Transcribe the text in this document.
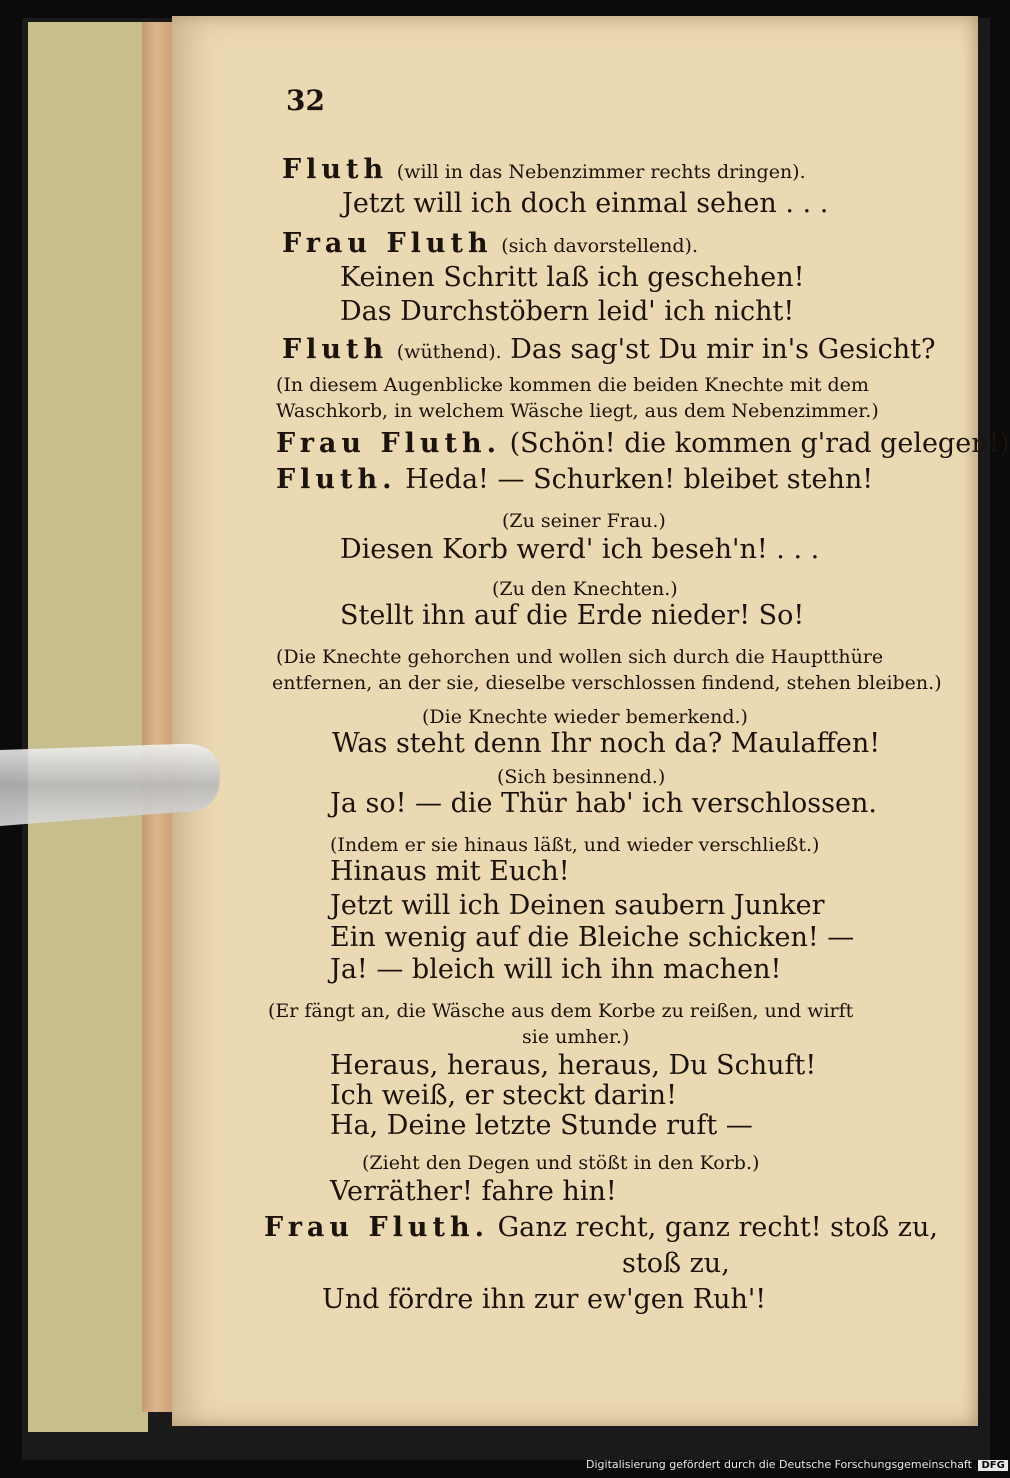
32
Fluth (will in das Nebenzimmer rechts dringen).
Jetzt will ich doch einmal sehen . . .
Frau Fluth (sich davorstellend).
Keinen Schritt laß ich geschehen!
Das Durchstöbern leid' ich nicht!
Fluth (wüthend). Das sag'st Du mir in's Gesicht?
(In diesem Augenblicke kommen die beiden Knechte mit dem
Waschkorb, in welchem Wäsche liegt, aus dem Nebenzimmer.)
Frau Fluth. (Schön! die kommen g'rad gelegen!)
Fluth. Heda! — Schurken! bleibet stehn!
(Zu seiner Frau.)
Diesen Korb werd' ich beseh'n! . . .
(Zu den Knechten.)
Stellt ihn auf die Erde nieder! So!
(Die Knechte gehorchen und wollen sich durch die Hauptthüre
entfernen, an der sie, dieselbe verschlossen findend, stehen bleiben.)
(Die Knechte wieder bemerkend.)
Was steht denn Ihr noch da? Maulaffen!
(Sich besinnend.)
Ja so! — die Thür hab' ich verschlossen.
(Indem er sie hinaus läßt, und wieder verschließt.)
Hinaus mit Euch!
Jetzt will ich Deinen saubern Junker
Ein wenig auf die Bleiche schicken! —
Ja! — bleich will ich ihn machen!
(Er fängt an, die Wäsche aus dem Korbe zu reißen, und wirft
sie umher.)
Heraus, heraus, heraus, Du Schuft!
Ich weiß, er steckt darin!
Ha, Deine letzte Stunde ruft —
(Zieht den Degen und stößt in den Korb.)
Verräther! fahre hin!
Frau Fluth. Ganz recht, ganz recht! stoß zu,
stoß zu,
Und fördre ihn zur ew'gen Ruh'!
Digitalisierung gefördert durch die Deutsche Forschungsgemeinschaft DFG
